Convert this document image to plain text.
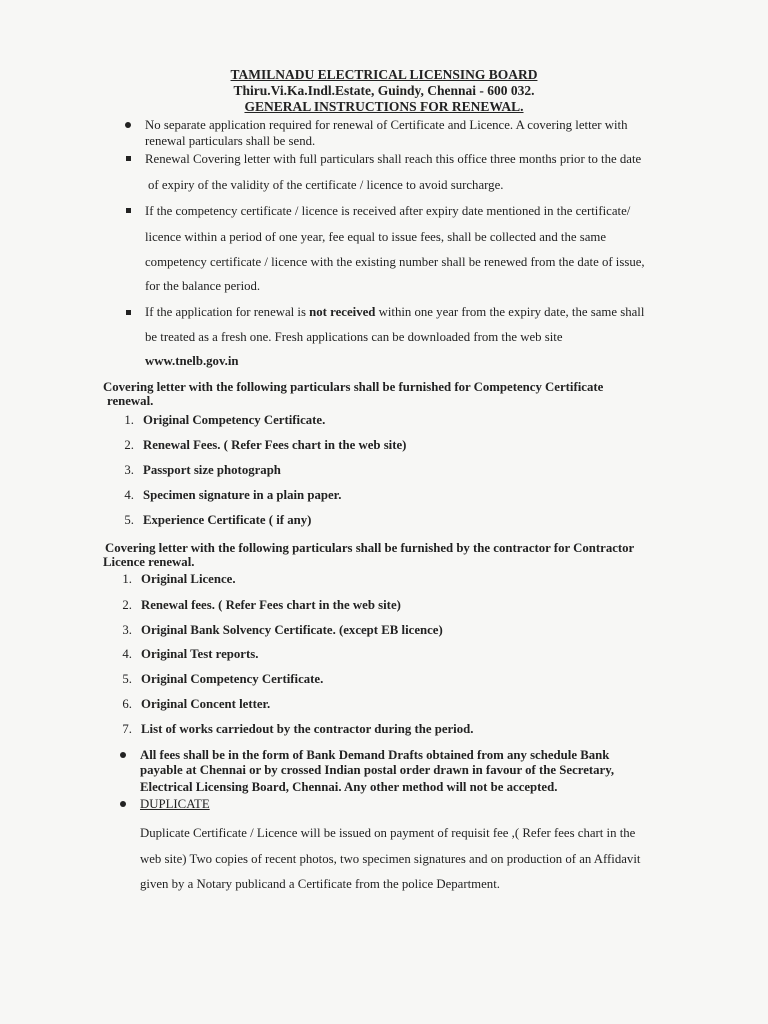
TAMILNADU ELECTRICAL LICENSING BOARD
Thiru.Vi.Ka.Indl.Estate, Guindy, Chennai - 600 032.
GENERAL INSTRUCTIONS FOR RENEWAL.
No separate application required for renewal of Certificate and Licence. A covering letter with
renewal particulars shall be send.
Renewal Covering letter with full particulars shall reach this office three months prior to the date
of expiry of the validity of the certificate / licence to avoid surcharge.
If the competency certificate / licence is received after expiry date mentioned in the certificate/
licence within a period of one year, fee equal to issue fees, shall be collected and the same
competency certificate / licence with the existing number shall be renewed from the date of issue,
for the balance period.
If the application for renewal is not received within one year from the expiry date, the same shall
be treated as a fresh one. Fresh applications can be downloaded from the web site
www.tnelb.gov.in
Covering letter with the following particulars shall be furnished for Competency Certificate
renewal.
1. Original Competency Certificate.
2. Renewal Fees. ( Refer Fees chart in the web site)
3. Passport size photograph
4. Specimen signature in a plain paper.
5. Experience Certificate ( if any)
Covering letter with the following particulars shall be furnished by the contractor for Contractor
Licence renewal.
1. Original Licence.
2. Renewal fees. ( Refer Fees chart in the web site)
3. Original Bank Solvency Certificate. (except EB licence)
4. Original Test reports.
5. Original Competency Certificate.
6. Original Concent letter.
7. List of works carriedout by the contractor during the period.
All fees shall be in the form of Bank Demand Drafts obtained from any schedule Bank
payable at Chennai or by crossed Indian postal order drawn in favour of the Secretary,
Electrical Licensing Board, Chennai. Any other method will not be accepted.
DUPLICATE
Duplicate Certificate / Licence will be issued on payment of requisit fee ,( Refer fees chart in the
web site) Two copies of recent photos, two specimen signatures and on production of an Affidavit
given by a Notary publicand a Certificate from the police Department.
